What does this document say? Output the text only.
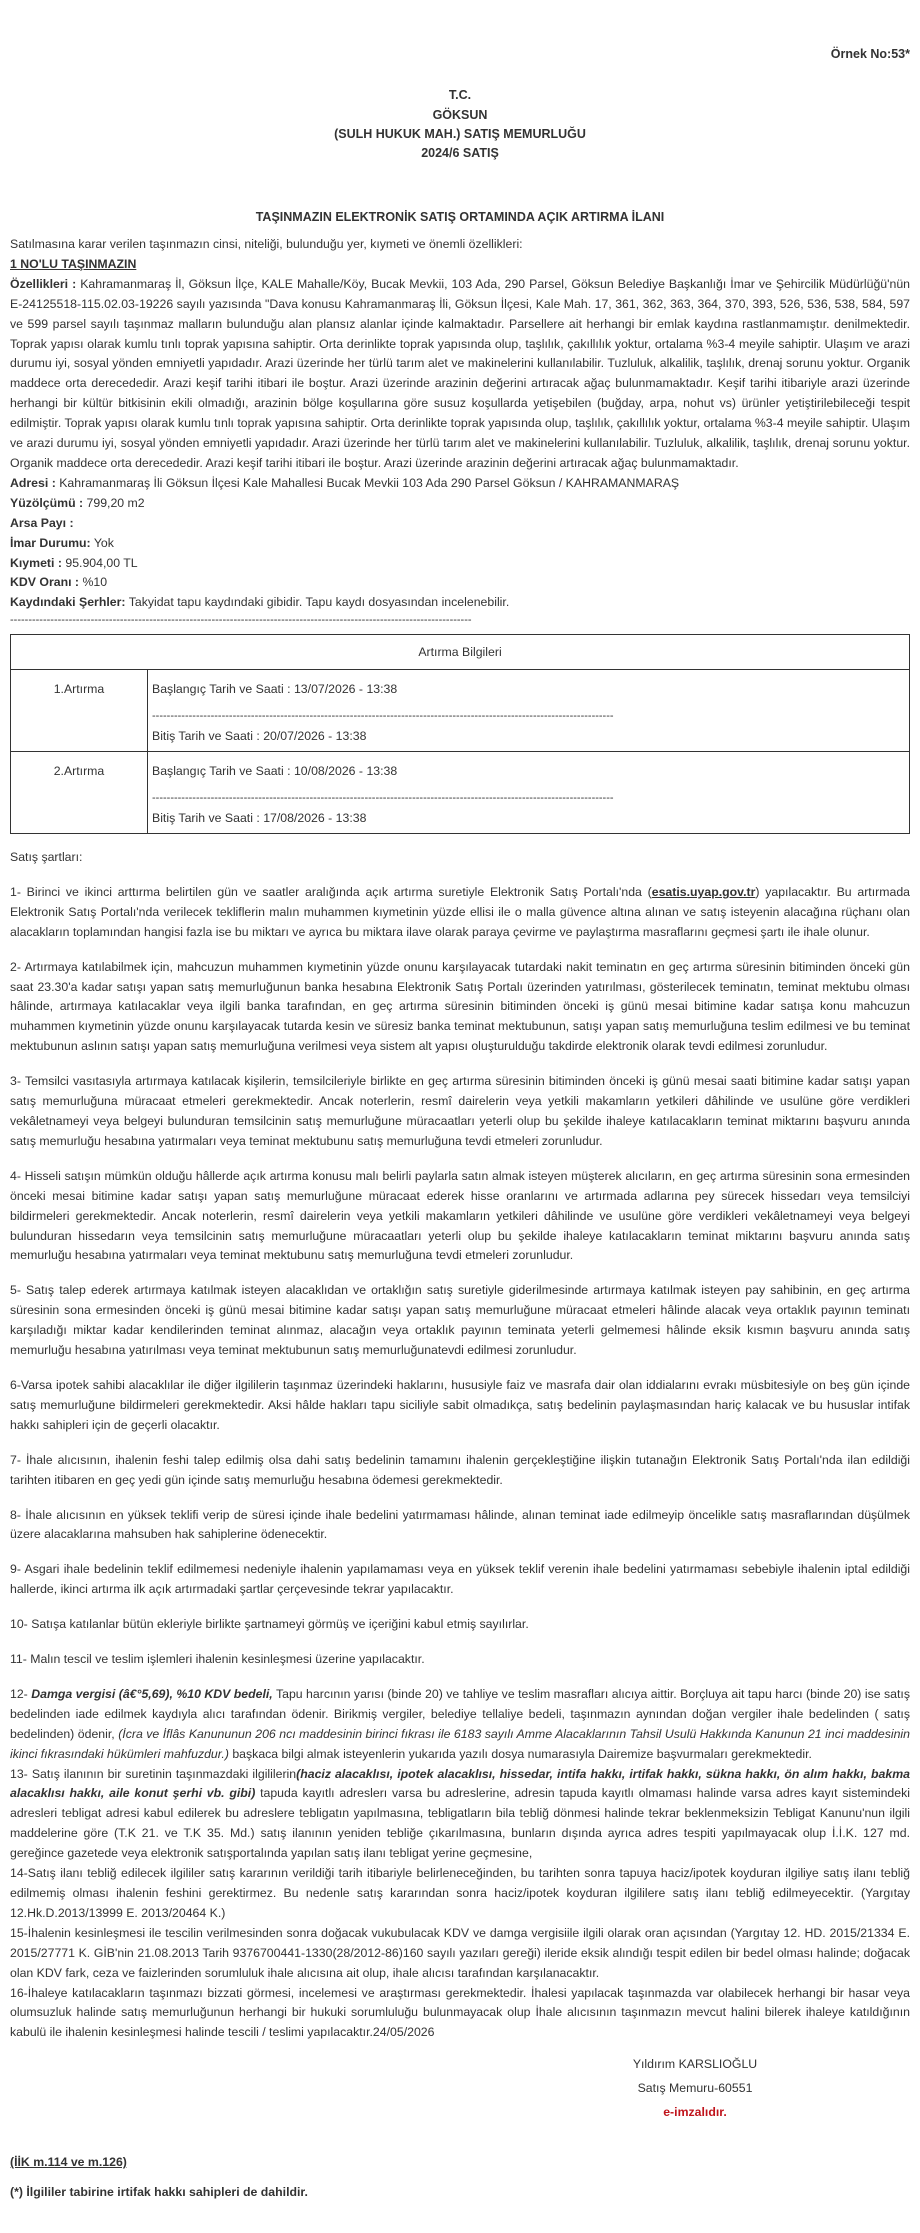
Örnek No:53*
T.C.
GÖKSUN
(SULH HUKUK MAH.) SATIŞ MEMURLUĞU
2024/6 SATIŞ
TAŞINMAZIN ELEKTRONİK SATIŞ ORTAMINDA AÇIK ARTIRMA İLANI

Satılmasına karar verilen taşınmazın cinsi, niteliği, bulunduğu yer, kıymeti ve önemli özellikleri:

1 NO'LU TAŞINMAZIN

Özellikleri : Kahramanmaraş İl, Göksun İlçe, KALE Mahalle/Köy, Bucak Mevkii, 103 Ada, 290 Parsel, Göksun Belediye Başkanlığı İmar ve Şehircilik Müdürlüğü'nün E-24125518-115.02.03-19226 sayılı yazısında "Dava konusu Kahramanmaraş İli, Göksun İlçesi, Kale Mah. 17, 361, 362, 363, 364, 370, 393, 526, 536, 538, 584, 597 ve 599 parsel sayılı taşınmaz malların bulunduğu alan plansız alanlar içinde kalmaktadır. Parsellere ait herhangi bir emlak kaydına rastlanmamıştır. denilmektedir. Toprak yapısı olarak kumlu tınlı toprak yapısına sahiptir. Orta derinlikte toprak yapısında olup, taşlılık, çakıllılık yoktur, ortalama %3-4 meyile sahiptir. Ulaşım ve arazi durumu iyi, sosyal yönden emniyetli yapıdadır. Arazi üzerinde her türlü tarım alet ve makinelerini kullanılabilir. Tuzluluk, alkalilik, taşlılık, drenaj sorunu yoktur. Organik maddece orta derecededir. Arazi keşif tarihi itibari ile boştur. Arazi üzerinde arazinin değerini artıracak ağaç bulunmamaktadır. Keşif tarihi itibariyle arazi üzerinde herhangi bir kültür bitkisinin ekili olmadığı, arazinin bölge koşullarına göre susuz koşullarda yetişebilen (buğday, arpa, nohut vs) ürünler yetiştirilebileceği tespit edilmiştir. Toprak yapısı olarak kumlu tınlı toprak yapısına sahiptir. Orta derinlikte toprak yapısında olup, taşlılık, çakıllılık yoktur, ortalama %3-4 meyile sahiptir. Ulaşım ve arazi durumu iyi, sosyal yönden emniyetli yapıdadır. Arazi üzerinde her türlü tarım alet ve makinelerini kullanılabilir. Tuzluluk, alkalilik, taşlılık, drenaj sorunu yoktur. Organik maddece orta derecededir. Arazi keşif tarihi itibari ile boştur. Arazi üzerinde arazinin değerini artıracak ağaç bulunmamaktadır.

Adresi : Kahramanmaraş İli Göksun İlçesi Kale Mahallesi Bucak Mevkii 103 Ada 290 Parsel Göksun / KAHRAMANMARAŞ
Yüzölçümü : 799,20 m2
Arsa Payı :
İmar Durumu: Yok
Kıymeti : 95.904,00 TL
KDV Oranı : %10
Kaydındaki Şerhler: Takyidat tapu kaydındaki gibidir. Tapu kaydı dosyasından incelenebilir.
------------------------------------------------------------------------------------------------------------------------------
Artırma Bilgileri	
1.Artırma	Başlangıç Tarih ve Saati : 13/07/2026 - 13:38
------------------------------------------------------------------------------------------------------------------------------
Bitiş Tarih ve Saati : 20/07/2026 - 13:38

2.Artırma	Başlangıç Tarih ve Saati : 10/08/2026 - 13:38
------------------------------------------------------------------------------------------------------------------------------
Bitiş Tarih ve Saati : 17/08/2026 - 13:38

Satış şartları:

1- Birinci ve ikinci arttırma belirtilen gün ve saatler aralığında açık artırma suretiyle Elektronik Satış Portalı'nda (esatis.uyap.gov.tr) yapılacaktır. Bu artırmada Elektronik Satış Portalı'nda verilecek tekliflerin malın muhammen kıymetinin yüzde ellisi ile o malla güvence altına alınan ve satış isteyenin alacağına rüçhanı olan alacakların toplamından hangisi fazla ise bu miktarı ve ayrıca bu miktara ilave olarak paraya çevirme ve paylaştırma masraflarını geçmesi şartı ile ihale olunur.

2- Artırmaya katılabilmek için, mahcuzun muhammen kıymetinin yüzde onunu karşılayacak tutardaki nakit teminatın en geç artırma süresinin bitiminden önceki gün saat 23.30'a kadar satışı yapan satış memurluğunun banka hesabına Elektronik Satış Portalı üzerinden yatırılması, gösterilecek teminatın, teminat mektubu olması hâlinde, artırmaya katılacaklar veya ilgili banka tarafından, en geç artırma süresinin bitiminden önceki iş günü mesai bitimine kadar satışa konu mahcuzun muhammen kıymetinin yüzde onunu karşılayacak tutarda kesin ve süresiz banka teminat mektubunun, satışı yapan satış memurluğuna teslim edilmesi ve bu teminat mektubunun aslının satışı yapan satış memurluğuna verilmesi veya sistem alt yapısı oluşturulduğu takdirde elektronik olarak tevdi edilmesi zorunludur.

3- Temsilci vasıtasıyla artırmaya katılacak kişilerin, temsilcileriyle birlikte en geç artırma süresinin bitiminden önceki iş günü mesai saati bitimine kadar satışı yapan satış memurluğuna müracaat etmeleri gerekmektedir. Ancak noterlerin, resmî dairelerin veya yetkili makamların yetkileri dâhilinde ve usulüne göre verdikleri vekâletnameyi veya belgeyi bulunduran temsilcinin satış memurluğune müracaatları yeterli olup bu şekilde ihaleye katılacakların teminat miktarını başvuru anında satış memurluğu hesabına yatırmaları veya teminat mektubunu satış memurluğuna tevdi etmeleri zorunludur.

4- Hisseli satışın mümkün olduğu hâllerde açık artırma konusu malı belirli paylarla satın almak isteyen müşterek alıcıların, en geç artırma süresinin sona ermesinden önceki mesai bitimine kadar satışı yapan satış memurluğune müracaat ederek hisse oranlarını ve artırmada adlarına pey sürecek hissedarı veya temsilciyi bildirmeleri gerekmektedir. Ancak noterlerin, resmî dairelerin veya yetkili makamların yetkileri dâhilinde ve usulüne göre verdikleri vekâletnameyi veya belgeyi bulunduran hissedarın veya temsilcinin satış memurluğune müracaatları yeterli olup bu şekilde ihaleye katılacakların teminat miktarını başvuru anında satış memurluğu hesabına yatırmaları veya teminat mektubunu satış memurluğuna tevdi etmeleri zorunludur.

5- Satış talep ederek artırmaya katılmak isteyen alacaklıdan ve ortaklığın satış suretiyle giderilmesinde artırmaya katılmak isteyen pay sahibinin, en geç artırma süresinin sona ermesinden önceki iş günü mesai bitimine kadar satışı yapan satış memurluğune müracaat etmeleri hâlinde alacak veya ortaklık payının teminatı karşıladığı miktar kadar kendilerinden teminat alınmaz, alacağın veya ortaklık payının teminata yeterli gelmemesi hâlinde eksik kısmın başvuru anında satış memurluğu hesabına yatırılması veya teminat mektubunun satış memurluğunatevdi edilmesi zorunludur.

6-Varsa ipotek sahibi alacaklılar ile diğer ilgililerin taşınmaz üzerindeki haklarını, hususiyle faiz ve masrafa dair olan iddialarını evrakı müsbitesiyle on beş gün içinde satış memurluğune bildirmeleri gerekmektedir. Aksi hâlde hakları tapu siciliyle sabit olmadıkça, satış bedelinin paylaşmasından hariç kalacak ve bu hususlar intifak hakkı sahipleri için de geçerli olacaktır.

7- İhale alıcısının, ihalenin feshi talep edilmiş olsa dahi satış bedelinin tamamını ihalenin gerçekleştiğine ilişkin tutanağın Elektronik Satış Portalı'nda ilan edildiği tarihten itibaren en geç yedi gün içinde satış memurluğu hesabına ödemesi gerekmektedir.

8- İhale alıcısının en yüksek teklifi verip de süresi içinde ihale bedelini yatırmaması hâlinde, alınan teminat iade edilmeyip öncelikle satış masraflarından düşülmek üzere alacaklarına mahsuben hak sahiplerine ödenecektir.

9- Asgari ihale bedelinin teklif edilmemesi nedeniyle ihalenin yapılamaması veya en yüksek teklif verenin ihale bedelini yatırmaması sebebiyle ihalenin iptal edildiği hallerde, ikinci artırma ilk açık artırmadaki şartlar çerçevesinde tekrar yapılacaktır.

10- Satışa katılanlar bütün ekleriyle birlikte şartnameyi görmüş ve içeriğini kabul etmiş sayılırlar.

11- Malın tescil ve teslim işlemleri ihalenin kesinleşmesi üzerine yapılacaktır.

12- Damga vergisi (â€°5,69), %10 KDV bedeli, Tapu harcının yarısı (binde 20) ve tahliye ve teslim masrafları alıcıya aittir. Borçluya ait tapu harcı (binde 20) ise satış bedelinden iade edilmek kaydıyla alıcı tarafından ödenir. Birikmiş vergiler, belediye tellaliye bedeli, taşınmazın aynından doğan vergiler ihale bedelinden ( satış bedelinden) ödenir, (İcra ve İflâs Kanununun 206 ncı maddesinin birinci fıkrası ile 6183 sayılı Amme Alacaklarının Tahsil Usulü Hakkında Kanunun 21 inci maddesinin ikinci fıkrasındaki hükümleri mahfuzdur.) başkaca bilgi almak isteyenlerin yukarıda yazılı dosya numarasıyla Dairemize başvurmaları gerekmektedir.

13- Satış ilanının bir suretinin taşınmazdaki ilgililerin(haciz alacaklısı, ipotek alacaklısı, hissedar, intifa hakkı, irtifak hakkı, sükna hakkı, ön alım hakkı, bakma alacaklısı hakkı, aile konut şerhi vb. gibi) tapuda kayıtlı adreslerı varsa bu adreslerine, adresin tapuda kayıtlı olmaması halinde varsa adres kayıt sistemindeki adresleri tebligat adresi kabul edilerek bu adreslere tebligatın yapılmasına, tebligatların bila tebliğ dönmesi halinde tekrar beklenmeksizin Tebligat Kanunu'nun ilgili maddelerine göre (T.K 21. ve T.K 35. Md.) satış ilanının yeniden tebliğe çıkarılmasına, bunların dışında ayrıca adres tespiti yapılmayacak olup İ.İ.K. 127 md. gereğince gazetede veya elektronik satışportalında yapılan satış ilanı tebligat yerine geçmesine,

14-Satış ilanı tebliğ edilecek ilgililer satış kararının verildiği tarih itibariyle belirleneceğinden, bu tarihten sonra tapuya haciz/ipotek koyduran ilgiliye satış ilanı tebliğ edilmemiş olması ihalenin feshini gerektirmez. Bu nedenle satış kararından sonra haciz/ipotek koyduran ilgililere satış ilanı tebliğ edilmeyecektir. (Yargıtay 12.Hk.D.2013/13999 E. 2013/20464 K.)

15-İhalenin kesinleşmesi ile tescilin verilmesinden sonra doğacak vukubulacak KDV ve damga vergisiile ilgili olarak oran açısından (Yargıtay 12. HD. 2015/21334 E. 2015/27771 K. GİB'nin 21.08.2013 Tarih 9376700441-1330(28/2012-86)160 sayılı yazıları gereği) ileride eksik alındığı tespit edilen bir bedel olması halinde; doğacak olan KDV fark, ceza ve faizlerinden sorumluluk ihale alıcısına ait olup, ihale alıcısı tarafından karşılanacaktır.

16-İhaleye katılacakların taşınmazı bizzati görmesi, incelemesi ve araştırması gerekmektedir. İhalesi yapılacak taşınmazda var olabilecek herhangi bir hasar veya olumsuzluk halinde satış memurluğunun herhangi bir hukuki sorumluluğu bulunmayacak olup İhale alıcısının taşınmazın mevcut halini bilerek ihaleye katıldığının kabulü ile ihalenin kesinleşmesi halinde tescili / teslimi yapılacaktır.24/05/2026

Yıldırım KARSLIOĞLU
Satış Memuru-60551
e-imzalıdır.
(İİK m.114 ve m.126)
(*) İlgililer tabirine irtifak hakkı sahipleri de dahildir.
